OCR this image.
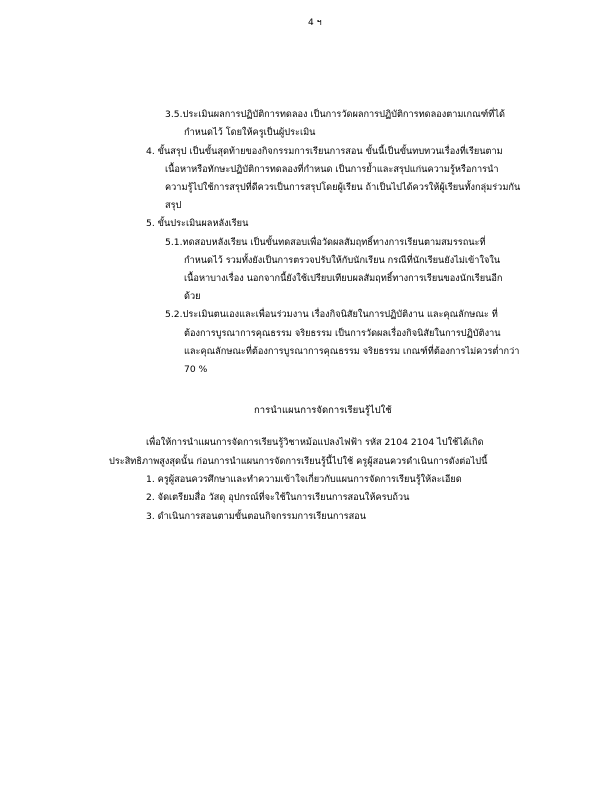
4 ฯ
3.5.ประเมินผลการปฏิบัติการทดลอง เป็นการวัดผลการปฏิบัติการทดลองตามเกณฑ์ที่ได้
กำหนดไว้ โดยให้ครูเป็นผู้ประเมิน
4. ขั้นสรุป เป็นขั้นสุดท้ายของกิจกรรมการเรียนการสอน ขั้นนี้เป็นขั้นทบทวนเรื่องที่เรียนตาม
เนื้อหาหรือทักษะปฏิบัติการทดลองที่กำหนด เป็นการย้ำและสรุปแก่นความรู้หรือการนำ
ความรู้ไปใช้การสรุปที่ดีควรเป็นการสรุปโดยผู้เรียน ถ้าเป็นไปได้ควรให้ผู้เรียนทั้งกลุ่มร่วมกัน
สรุป
5. ขั้นประเมินผลหลังเรียน
5.1.ทดสอบหลังเรียน เป็นขั้นทดสอบเพื่อวัดผลสัมฤทธิ์ทางการเรียนตามสมรรถนะที่
กำหนดไว้ รวมทั้งยังเป็นการตรวจปรับให้กับนักเรียน กรณีที่นักเรียนยังไม่เข้าใจใน
เนื้อหาบางเรื่อง นอกจากนี้ยังใช้เปรียบเทียบผลสัมฤทธิ์ทางการเรียนของนักเรียนอีก
ด้วย
5.2.ประเมินตนเองและเพื่อนร่วมงาน เรื่องกิจนิสัยในการปฏิบัติงาน และคุณลักษณะ ที่
ต้องการบูรณาการคุณธรรม จริยธรรม เป็นการวัดผลเรื่องกิจนิสัยในการปฏิบัติงาน
และคุณลักษณะที่ต้องการบูรณาการคุณธรรม จริยธรรม เกณฑ์ที่ต้องการไม่ควรต่ำกว่า
70 %
การนำแผนการจัดการเรียนรู้ไปใช้
เพื่อให้การนำแผนการจัดการเรียนรู้วิชาหม้อแปลงไฟฟ้า รหัส 2104 2104 ไปใช้ได้เกิด
ประสิทธิภาพสูงสุดนั้น ก่อนการนำแผนการจัดการเรียนรู้นี้ไปใช้ ครูผู้สอนควรดำเนินการดังต่อไปนี้
1. ครูผู้สอนควรศึกษาและทำความเข้าใจเกี่ยวกับแผนการจัดการเรียนรู้ให้ละเอียด
2. จัดเตรียมสื่อ วัสดุ อุปกรณ์ที่จะใช้ในการเรียนการสอนให้ครบถ้วน
3. ดำเนินการสอนตามขั้นตอนกิจกรรมการเรียนการสอน
